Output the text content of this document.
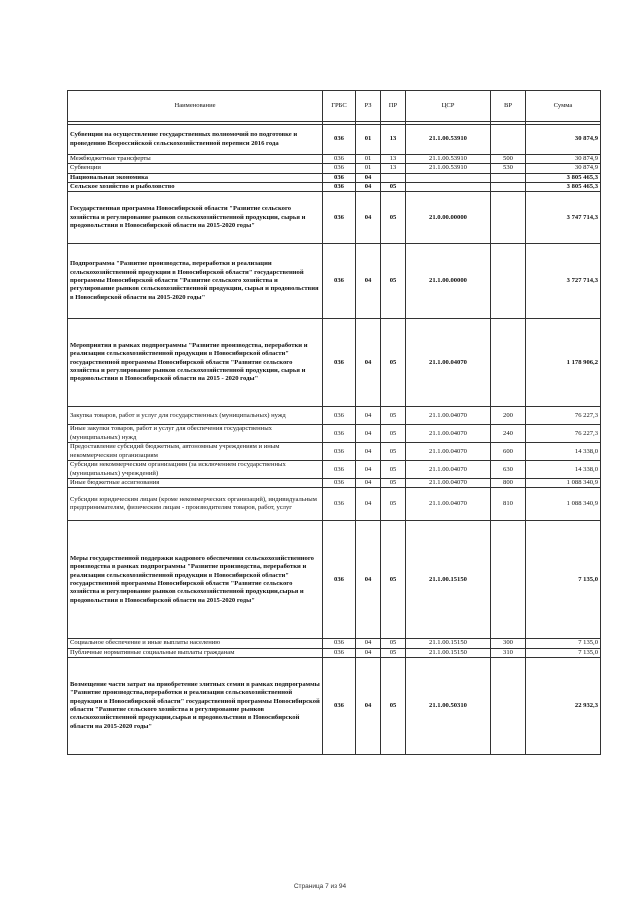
Наименование	ГРБС	РЗ	ПР	ЦСР	ВР	Сумма

Субвенции на осуществление государственных полномочий по подготовке и проведению Всероссийской сельскохозяйственной переписи 2016 года	036	01	13	21.1.00.53910		30 874,9
Межбюджетные трансферты	036	01	13	21.1.00.53910	500	30 874,9
Субвенции	036	01	13	21.1.00.53910	530	30 874,9
Национальная экономика	036	04				3 805 465,3
Сельское хозяйство и рыболовство	036	04	05			3 805 465,3
Государственная программа Новосибирской области "Развитие сельского хозяйства и регулирование рынков сельскохозяйственной продукции, сырья и продовольствия в Новосибирской области на 2015-2020 годы"	036	04	05	21.0.00.00000		3 747 714,3
Подпрограмма "Развитие производства, переработки и реализации сельскохозяйственной продукции в Новосибирской области" государственной программы Новосибирской области "Развитие сельского хозяйства и регулирование рынков сельскохозяйственной продукции, сырья и продовольствия в Новосибирской области на 2015-2020 годы"	036	04	05	21.1.00.00000		3 727 714,3
Мероприятия в рамках подпрограммы "Развитие производства, переработки и реализации сельскохозяйственной продукции в Новосибирской области" государственной программы Новосибирской области "Развитие сельского хозяйства и регулирование рынков сельскохозяйственной продукции, сырья и продовольствия в Новосибирской области на 2015 - 2020 годы"	036	04	05	21.1.00.04070		1 178 906,2
Закупка товаров, работ и услуг для государственных (муниципальных) нужд	036	04	05	21.1.00.04070	200	76 227,3
Иные закупки товаров, работ и услуг для обеспечения государственных (муниципальных) нужд	036	04	05	21.1.00.04070	240	76 227,3
Предоставление субсидий бюджетным, автономным учреждениям и иным некоммерческим организациям	036	04	05	21.1.00.04070	600	14 338,0
Субсидии некоммерческим организациям (за исключением государственных (муниципальных) учреждений)	036	04	05	21.1.00.04070	630	14 338,0
Иные бюджетные ассигнования	036	04	05	21.1.00.04070	800	1 088 340,9
Субсидии юридическим лицам (кроме некоммерческих организаций), индивидуальным предпринимателям, физическим лицам - производителям товаров, работ, услуг	036	04	05	21.1.00.04070	810	1 088 340,9
Меры государственной поддержки кадрового обеспечения сельскохозяйственного производства в рамках подпрограммы "Развитие производства, переработки и реализации сельскохозяйственной продукции в Новосибирской области" государственной программы Новосибирской области "Развитие сельского хозяйства и регулирование рынков сельскохозяйственной продукции,сырья и продовольствия в Новосибирской области на 2015-2020 годы"	036	04	05	21.1.00.15150		7 135,0
Социальное обеспечение и иные выплаты населению	036	04	05	21.1.00.15150	300	7 135,0
Публичные нормативные социальные выплаты гражданам	036	04	05	21.1.00.15150	310	7 135,0
Возмещение части затрат на приобретение элитных семян в рамках подпрограммы "Развитие производства,переработки и реализации сельскохозяйственной продукции в Новосибирской области" государственной программы Новосибирской области "Развитие сельского хозяйства и регулирование рынков сельскохозяйственной продукции,сырья и продовольствия в Новосибирской области на 2015-2020 годы"	036	04	05	21.1.00.50310		22 932,3
Страница 7 из 94
